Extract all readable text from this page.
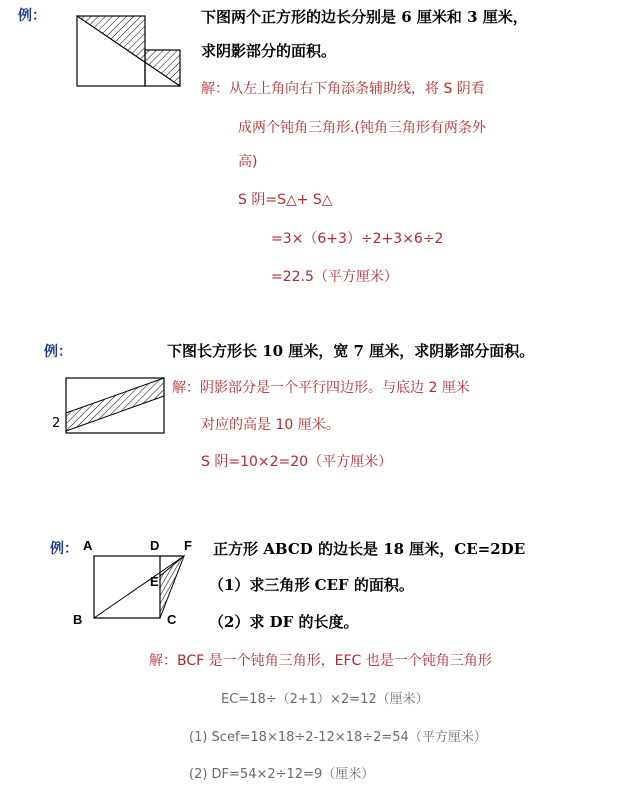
例：	下图两个正方形的边长分别是 6 厘米和 3 厘米，
求阴影部分的面积。
解：从左上角向右下角添条辅助线，将 S 阴看
成两个钝角三角形.(钝角三角形有两条外
高)
S 阴=S△+ S△
=3×（6+3）÷2+3×6÷2
=22.5（平方厘米）
例：	下图长方形长 10 厘米，宽 7 厘米，求阴影部分面积。
2
解：阴影部分是一个平行四边形。与底边 2 厘米
对应的高是 10 厘米。
S 阴=10×2=20（平方厘米）
例： A	D F
E
B	C
正方形 ABCD 的边长是 18 厘米，CE=2DE
（1）求三角形 CEF 的面积。
（2）求 DF 的长度。
解：BCF 是一个钝角三角形，EFC 也是一个钝角三角形
EC=18÷（2+1）×2=12（厘米）
(1) Scef=18×18÷2-12×18÷2=54（平方厘米）
(2) DF=54×2÷12=9（厘米）
